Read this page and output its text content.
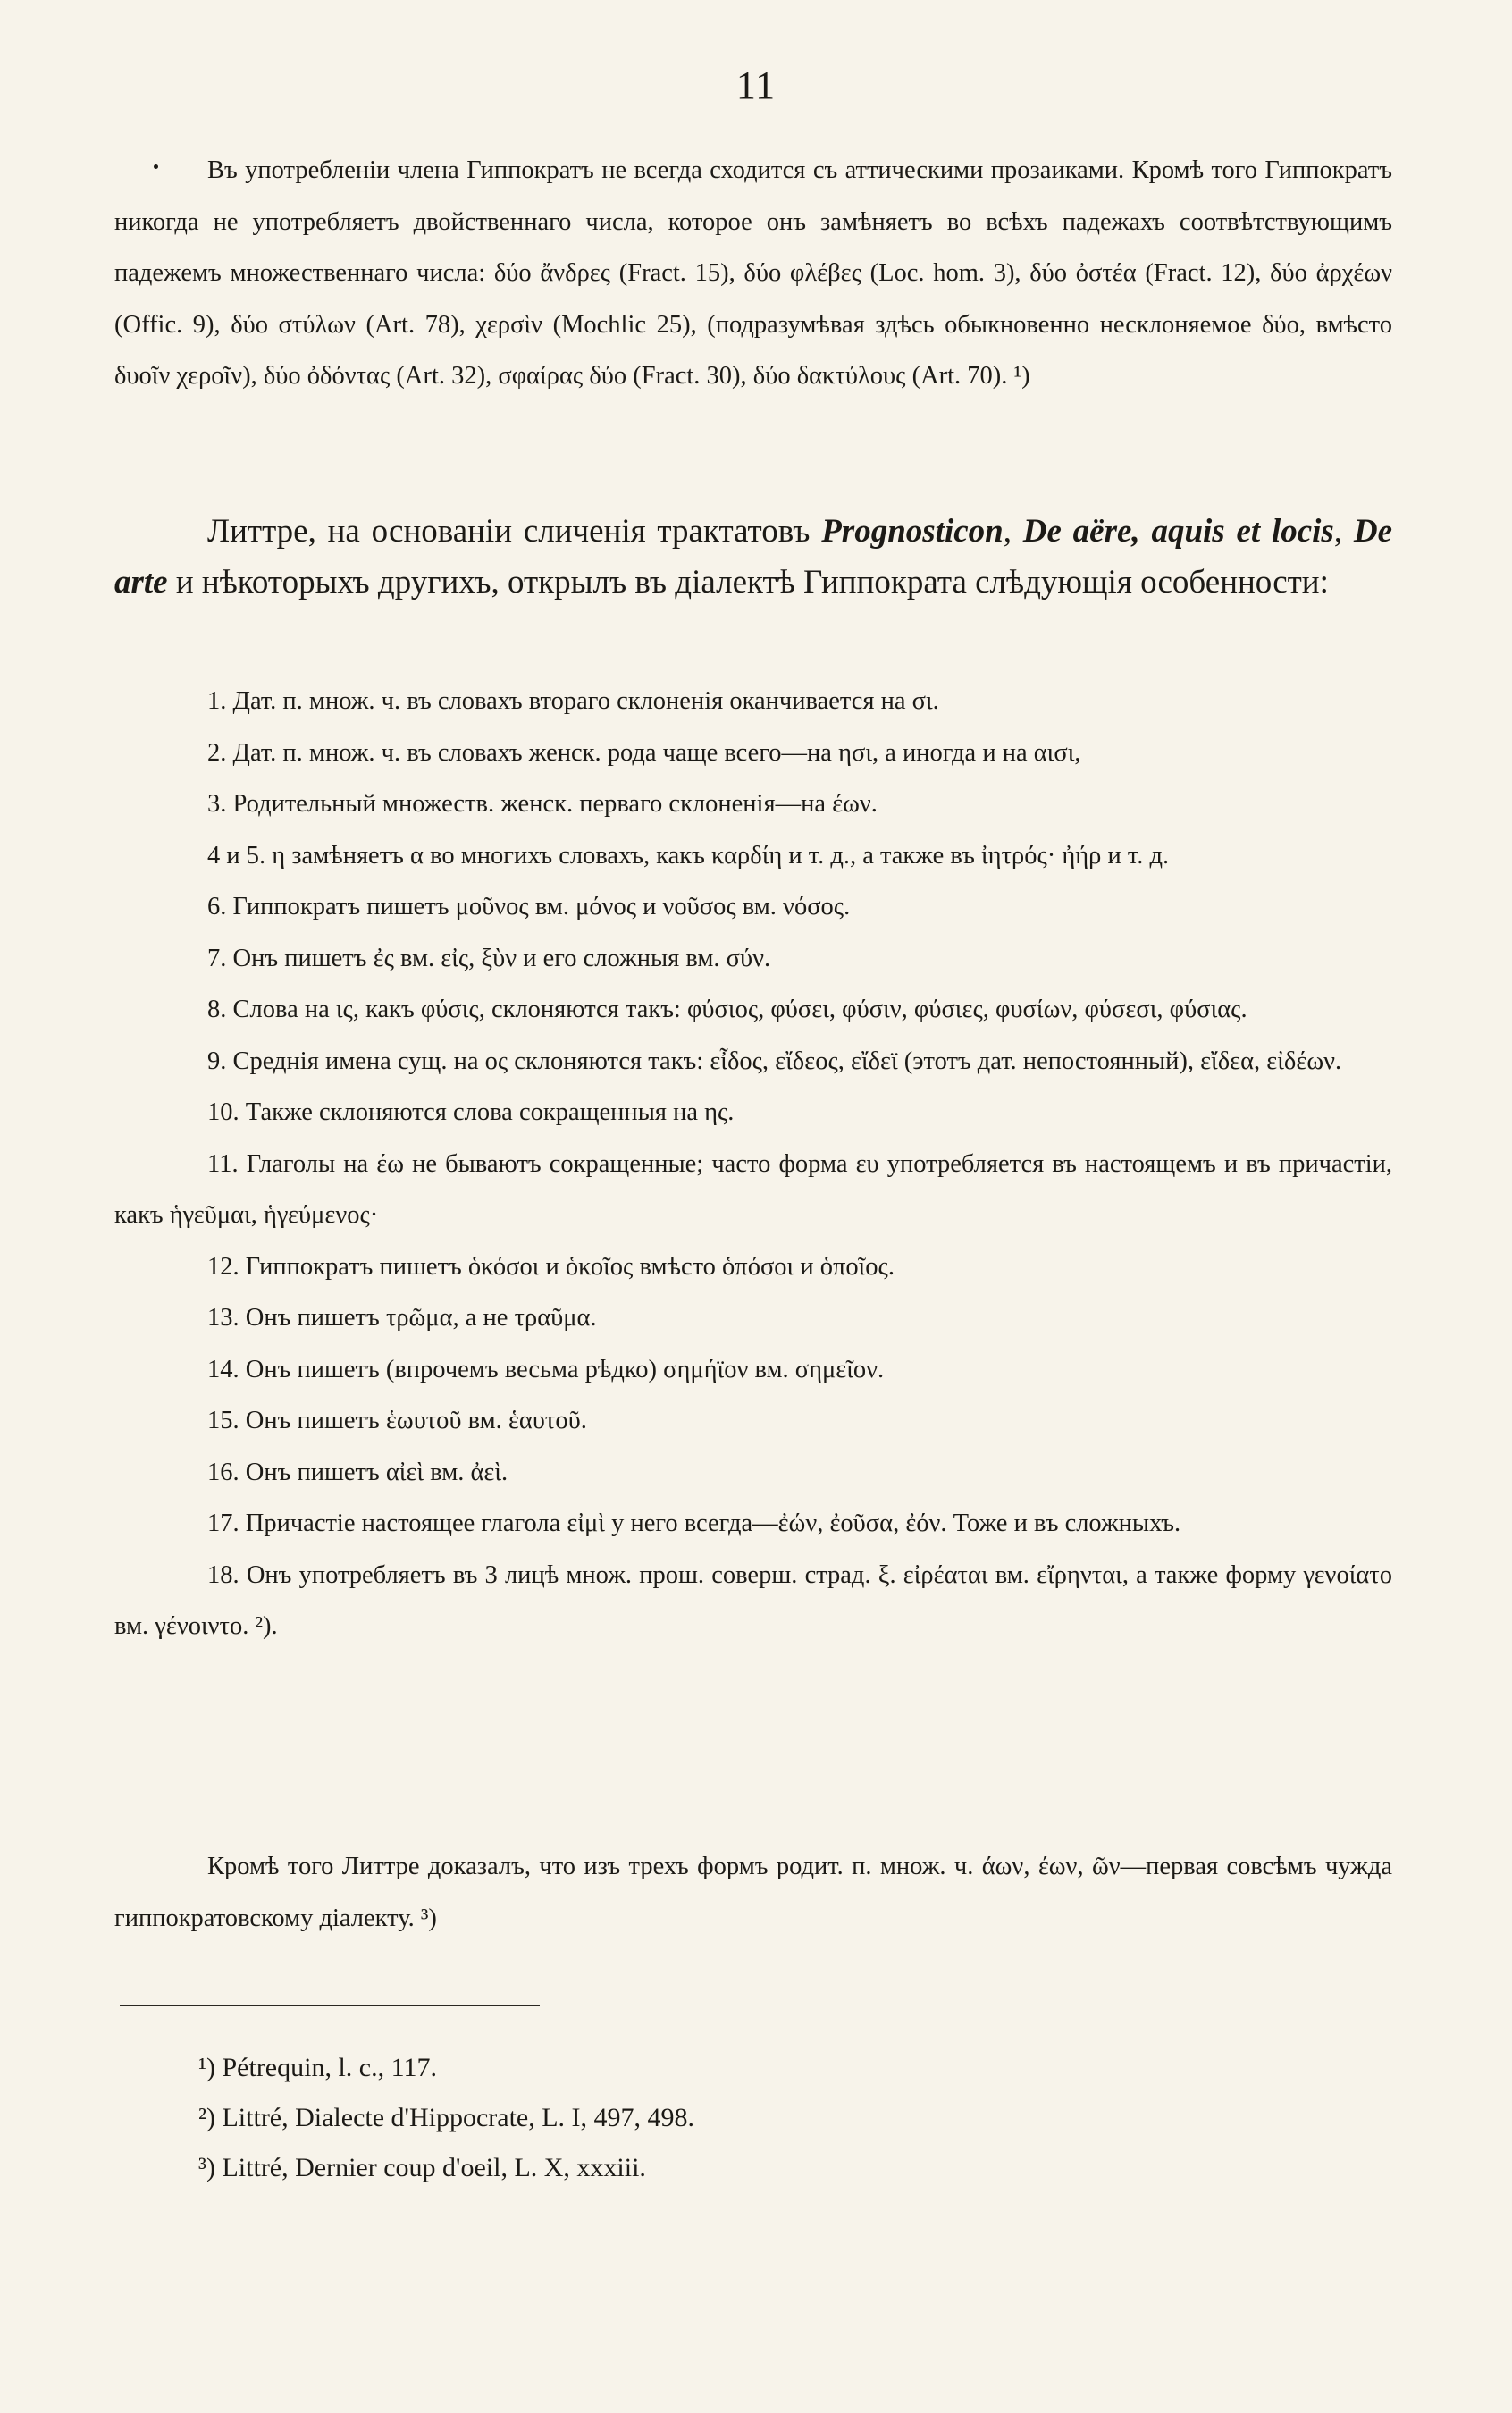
11

Въ употребленіи члена Гиппократъ не всегда сходится съ аттическими прозаиками. Кромѣ того Гиппократъ никогда не употребляетъ двойственнаго числа, которое онъ замѣняетъ во всѣхъ падежахъ соотвѣтствующимъ падежемъ множественнаго числа: δύο ἄνδρες (Fract. 15), δύο φλέβες (Loc. hom. 3), δύο ὀστέα (Fract. 12), δύο ἀρχέων (Offic. 9), δύο στύλων (Art. 78), χερσὶν (Mochlic 25), (подразумѣвая здѣсь обыкновенно несклоняемое δύο, вмѣсто δυοῖν χεροῖν), δύο ὀδόντας (Art. 32), σφαίρας δύο (Fract. 30), δύο δακτύλους (Art. 70). ¹)

Литтре, на основаніи сличенія трактатовъ Prognosticon, De aëre, aquis et locis, De arte и нѣкоторыхъ другихъ, открылъ въ діалектѣ Гиппократа слѣдующія особенности:

1. Дат. п. множ. ч. въ словахъ втораго склоненія оканчивается на σι.

2. Дат. п. множ. ч. въ словахъ женск. рода чаще всего—на ησι, а иногда и на αισι,

3. Родительный множеств. женск. перваго склоненія—на έων.

4 и 5. η замѣняетъ α во многихъ словахъ, какъ καρδίη и т. д., а также въ ἰητρός· ἠήρ и т. д.

6. Гиппократъ пишетъ μοῦνος вм. μόνος и νοῦσος вм. νόσος.

7. Онъ пишетъ ἐς вм. εἰς, ξὺν и его сложныя вм. σύν.

8. Слова на ις, какъ φύσις, склоняются такъ: φύσιος, φύσει, φύσιν, φύσιες, φυσίων, φύσεσι, φύσιας.

9. Среднія имена сущ. на ος склоняются такъ: εἶδος, εἴδεος, εἴδεϊ (этотъ дат. непостоянный), εἴδεα, εἰδέων.

10. Также склоняются слова сокращенныя на ης.

11. Глаголы на έω не бываютъ сокращенные; часто форма ευ употребляется въ настоящемъ и въ причастіи, какъ ἡγεῦμαι, ἡγεύμενος·

12. Гиппократъ пишетъ ὁκόσοι и ὁκοῖος вмѣсто ὁπόσοι и ὁποῖος.

13. Онъ пишетъ τρῶμα, а не τραῦμα.

14. Онъ пишетъ (впрочемъ весьма рѣдко) σημήϊον вм. σημεῖον.

15. Онъ пишетъ ἑωυτοῦ вм. ἑαυτοῦ.

16. Онъ пишетъ αἰεὶ вм. ἀεὶ.

17. Причастіе настоящее глагола εἰμὶ у него всегда—ἐών, ἐοῦσα, ἐόν. Тоже и въ сложныхъ.

18. Онъ употребляетъ въ 3 лицѣ множ. прош. соверш. страд. ξ. εἰρέαται вм. εἴρηνται, а также форму γενοίατο вм. γένοιντο. ²).

Кромѣ того Литтре доказалъ, что изъ трехъ формъ родит. п. множ. ч. άων, έων, ῶν—первая совсѣмъ чужда гиппократовскому діалекту. ³)

¹) Pétrequin, l. c., 117.

²) Littré, Dialecte d'Hippocrate, L. I, 497, 498.

³) Littré, Dernier coup d'oeil, L. X, xxxiii.
